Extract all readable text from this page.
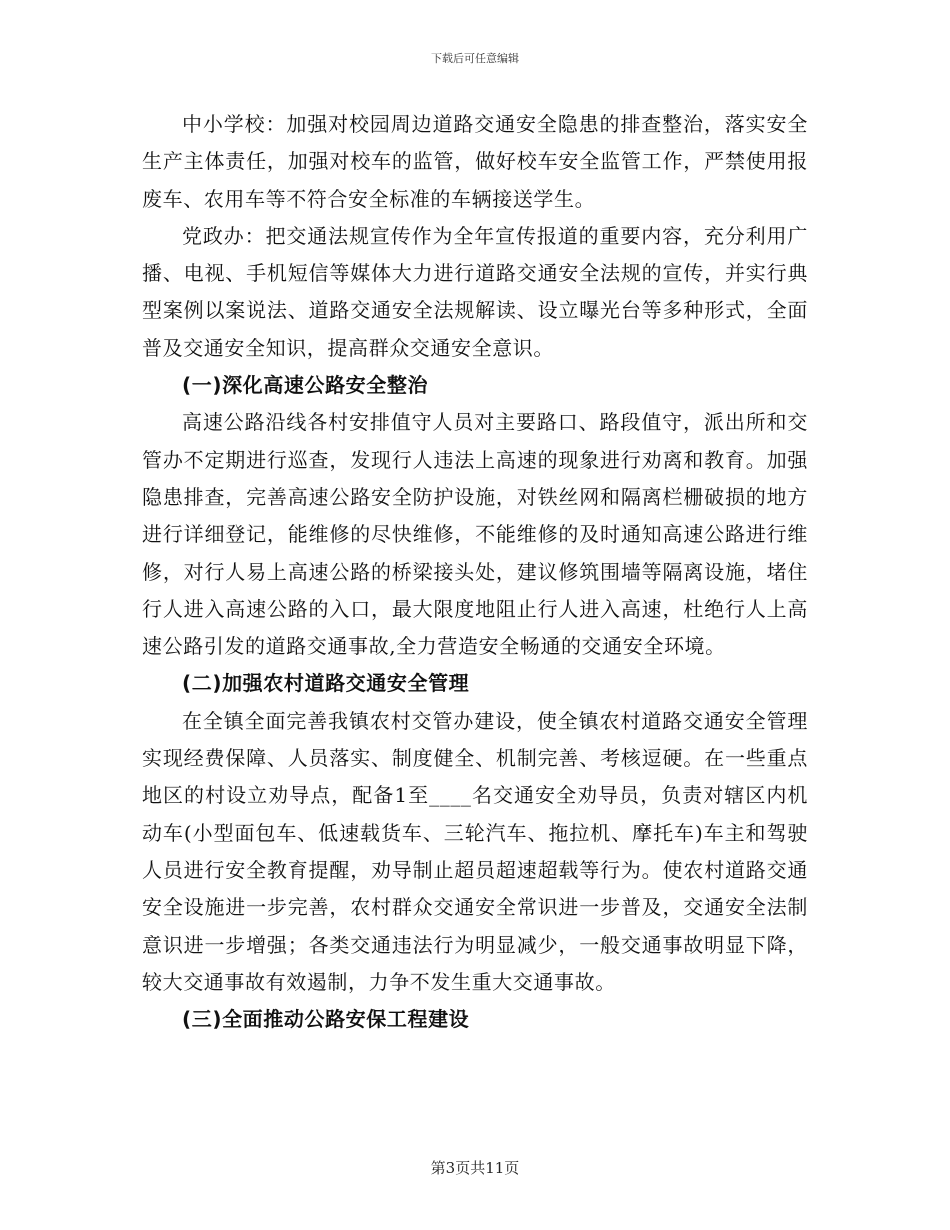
下载后可任意编辑

中小学校：加强对校园周边道路交通安全隐患的排查整治，落实安全生产主体责任，加强对校车的监管，做好校车安全监管工作，严禁使用报废车、农用车等不符合安全标准的车辆接送学生。

党政办：把交通法规宣传作为全年宣传报道的重要内容，充分利用广播、电视、手机短信等媒体大力进行道路交通安全法规的宣传，并实行典型案例以案说法、道路交通安全法规解读、设立曝光台等多种形式，全面普及交通安全知识，提高群众交通安全意识。

(一)深化高速公路安全整治

高速公路沿线各村安排值守人员对主要路口、路段值守，派出所和交管办不定期进行巡查，发现行人违法上高速的现象进行劝离和教育。加强隐患排查，完善高速公路安全防护设施，对铁丝网和隔离栏栅破损的地方进行详细登记，能维修的尽快维修，不能维修的及时通知高速公路进行维修，对行人易上高速公路的桥梁接头处，建议修筑围墙等隔离设施，堵住行人进入高速公路的入口，最大限度地阻止行人进入高速，杜绝行人上高速公路引发的道路交通事故,全力营造安全畅通的交通安全环境。

(二)加强农村道路交通安全管理

在全镇全面完善我镇农村交管办建设，使全镇农村道路交通安全管理实现经费保障、人员落实、制度健全、机制完善、考核逗硬。在一些重点地区的村设立劝导点，配备1至____名交通安全劝导员，负责对辖区内机动车(小型面包车、低速载货车、三轮汽车、拖拉机、摩托车)车主和驾驶人员进行安全教育提醒，劝导制止超员超速超载等行为。使农村道路交通安全设施进一步完善，农村群众交通安全常识进一步普及，交通安全法制意识进一步增强；各类交通违法行为明显减少，一般交通事故明显下降，较大交通事故有效遏制，力争不发生重大交通事故。

(三)全面推动公路安保工程建设

第3页共11页
